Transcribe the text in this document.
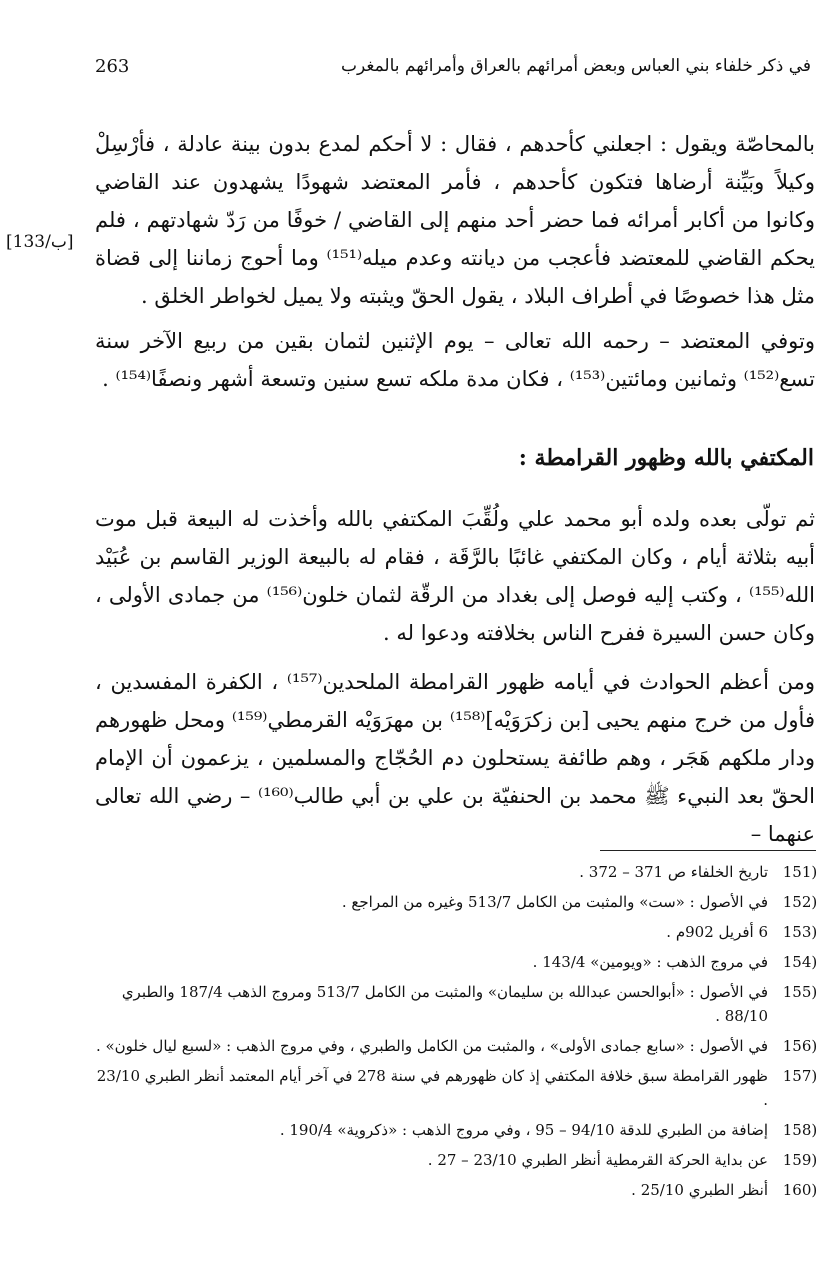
263	في ذكر خلفاء بني العباس وبعض أمرائهم بالعراق وأمرائهم بالمغرب
[133/ب]

بالمحاصّة ويقول : اجعلني كأحدهم ، فقال : لا أحكم لمدع بدون بينة عادلة ، فأرْسِلْ وكيلاً وبَيِّنة أرضاها فتكون كأحدهم ، فأمر المعتضد شهودًا يشهدون عند القاضي وكانوا من أكابر أمرائه فما حضر أحد منهم إلى القاضي / خوفًا من رَدّ شهادتهم ، فلم يحكم القاضي للمعتضد فأعجب من ديانته وعدم ميله⁽¹⁵¹⁾ وما أحوج زماننا إلى قضاة مثل هذا خصوصًا في أطراف البلاد ، يقول الحقّ ويثبته ولا يميل لخواطر الخلق .

وتوفي المعتضد – رحمه الله تعالى – يوم الإثنين لثمان بقين من ربيع الآخر سنة تسع⁽¹⁵²⁾ وثمانين ومائتين⁽¹⁵³⁾ ، فكان مدة ملكه تسع سنين وتسعة أشهر ونصفًا⁽¹⁵⁴⁾ .

المكتفي بالله وظهور القرامطة :

ثم تولّى بعده ولده أبو محمد علي ولُقِّبَ المكتفي بالله وأخذت له البيعة قبل موت أبيه بثلاثة أيام ، وكان المكتفي غائبًا بالرَّقَة ، فقام له بالبيعة الوزير القاسم بن عُبَيْد الله⁽¹⁵⁵⁾ ، وكتب إليه فوصل إلى بغداد من الرقّة لثمان خلون⁽¹⁵⁶⁾ من جمادى الأولى ، وكان حسن السيرة ففرح الناس بخلافته ودعوا له .

ومن أعظم الحوادث في أيامه ظهور القرامطة الملحدين⁽¹⁵⁷⁾ ، الكفرة المفسدين ، فأول من خرج منهم يحيى [بن زكرَوَيْه]⁽¹⁵⁸⁾ بن مهرَوَيْه القرمطي⁽¹⁵⁹⁾ ومحل ظهورهم ودار ملكهم هَجَر ، وهم طائفة يستحلون دم الحُجّاج والمسلمين ، يزعمون أن الإمام الحقّ بعد النبيء ﷺ محمد بن الحنفيّة بن علي بن أبي طالب⁽¹⁶⁰⁾ – رضي الله تعالى عنهما –

(151
تاريخ الخلفاء ص 371 – 372 .
(152
في الأصول : «ست» والمثبت من الكامل 513/7 وغيره من المراجع .
(153
6 أفريل 902م .
(154
في مروج الذهب : «ويومين» 143/4 .
(155
في الأصول : «أبوالحسن عبدالله بن سليمان» والمثبت من الكامل 513/7 ومروج الذهب 187/4 والطبري 88/10 .
(156
في الأصول : «سابع جمادى الأولى» ، والمثبت من الكامل والطبري ، وفي مروج الذهب : «لسبع ليال خلون» .
(157
ظهور القرامطة سبق خلافة المكتفي إذ كان ظهورهم في سنة 278 في آخر أيام المعتمد أنظر الطبري 23/10 .
(158
إضافة من الطبري للدقة 94/10 – 95 ، وفي مروج الذهب : «ذكروية» 190/4 .
(159
عن بداية الحركة القرمطية أنظر الطبري 23/10 – 27 .
(160
أنظر الطبري 25/10 .
